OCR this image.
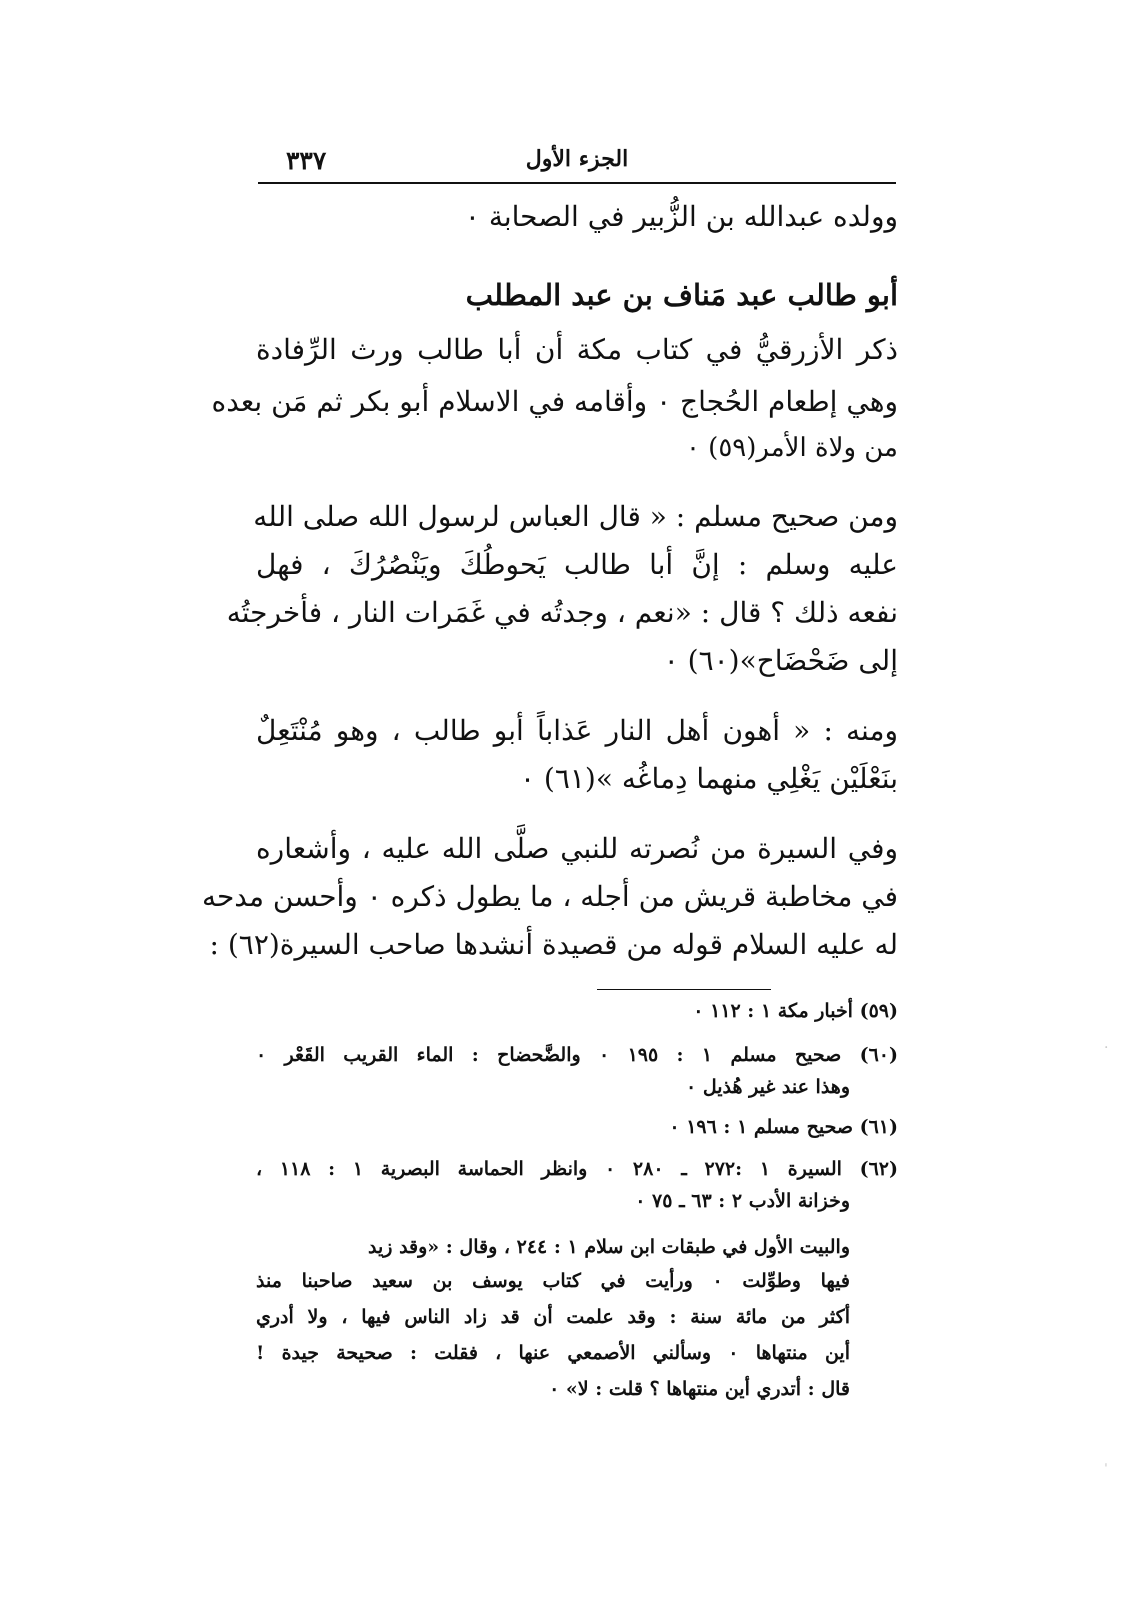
٣٣٧	الجزء الأول
وولده عبدالله بن الزُّبير في الصحابة ٠
أبو طالب عبد مَناف بن عبد المطلب
ذكر الأزرقيُّ في كتاب مكة أن أبا طالب ورث الرِّفادة
وهي إطعام الحُجاج ٠ وأقامه في الاسلام أبو بكر ثم مَن بعده
من ولاة الأمر(٥٩) ٠
ومن صحيح مسلم : « قال العباس لرسول الله صلى الله
عليه وسلم : إنَّ أبا طالب يَحوطُكَ ويَنْصُرُكَ ، فهل
نفعه ذلك ؟ قال : «نعم ، وجدتُه في غَمَرات النار ، فأخرجتُه
إلى ضَحْضَاح»(٦٠) ٠
ومنه : « أهون أهل النار عَذاباً أبو طالب ، وهو مُنْتَعِلٌ
بنَعْلَيْن يَغْلِي منهما دِماغُه »(٦١) ٠
وفي السيرة من نُصرته للنبي صلَّى الله عليه ، وأشعاره
في مخاطبة قريش من أجله ، ما يطول ذكره ٠ وأحسن مدحه
له عليه السلام قوله من قصيدة أنشدها صاحب السيرة(٦٢) :
(٥٩) أخبار مكة ١ : ١١٢ ٠
(٦٠) صحيح مسلم ١ : ١٩٥ ٠ والضَّحضاح : الماء القريب القَعْر ٠
وهذا عند غير هُذيل ٠
(٦١) صحيح مسلم ١ : ١٩٦ ٠
(٦٢) السيرة ١ :٢٧٢ ـ ٢٨٠ ٠ وانظر الحماسة البصرية ١ : ١١٨ ،
وخزانة الأدب ٢ : ٦٣ ـ ٧٥ ٠
والبيت الأول في طبقات ابن سلام ١ : ٢٤٤ ، وقال : «وقد زيد
فيها وطوِّلت ٠ ورأيت في كتاب يوسف بن سعيد صاحبنا منذ
أكثر من مائة سنة : وقد علمت أن قد زاد الناس فيها ، ولا أدري
أين منتهاها ٠ وسألني الأصمعي عنها ، فقلت : صحيحة جيدة !
قال : أتدري أين منتهاها ؟ قلت : لا» ٠
·
ˈ
